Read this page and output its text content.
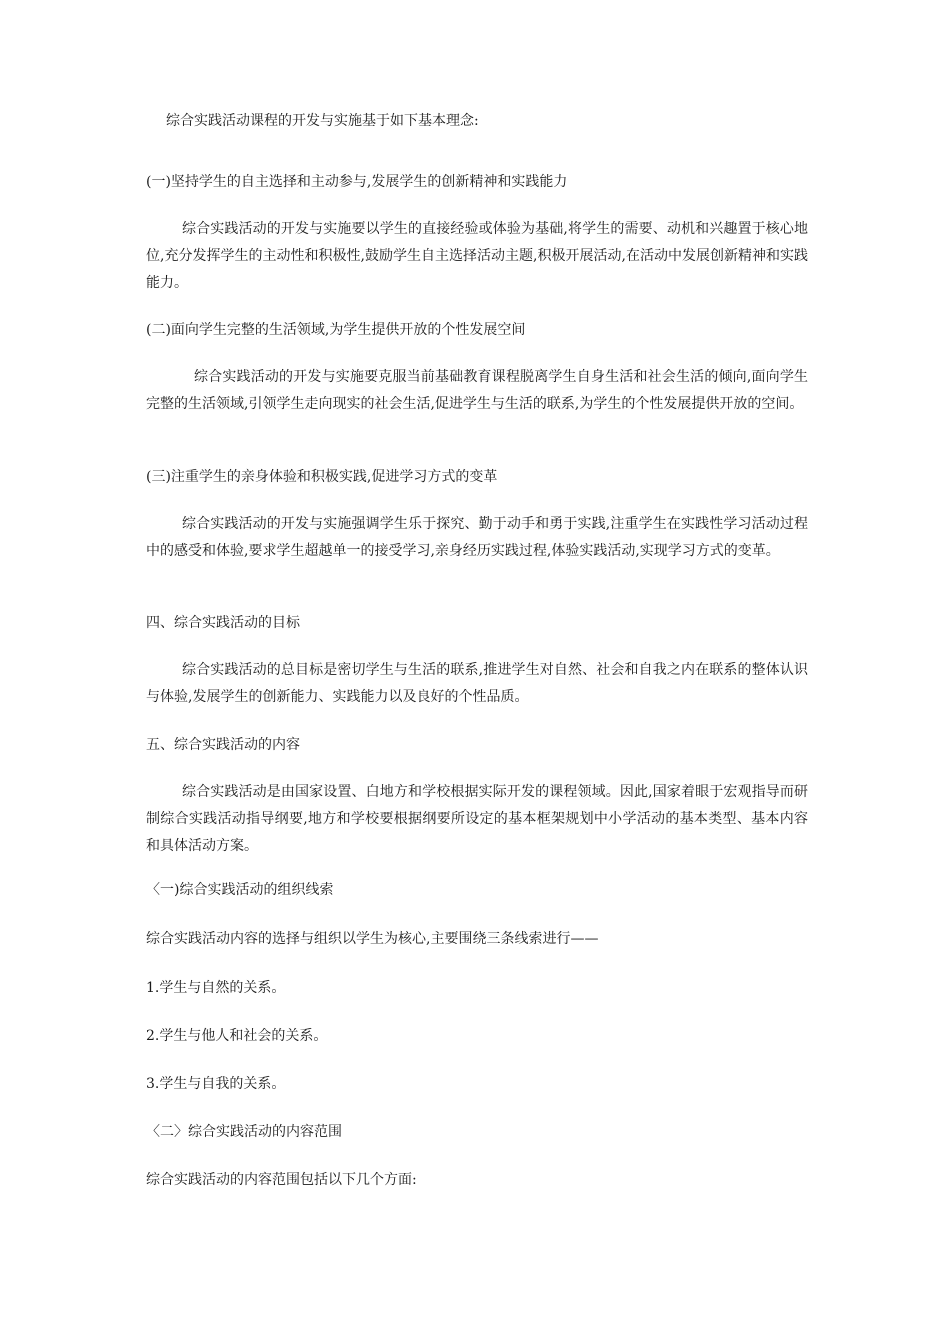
综合实践活动课程的开发与实施基于如下基本理念:

(一)坚持学生的自主选择和主动参与,发展学生的创新精神和实践能力

综合实践活动的开发与实施要以学生的直接经验或体验为基础,将学生的需要、动机和兴趣置于核心地位,充分发挥学生的主动性和积极性,鼓励学生自主选择活动主题,积极开展活动,在活动中发展创新精神和实践能力。

(二)面向学生完整的生活领域,为学生提供开放的个性发展空间

综合实践活动的开发与实施要克服当前基础教育课程脱离学生自身生活和社会生活的倾向,面向学生完整的生活领域,引领学生走向现实的社会生活,促进学生与生活的联系,为学生的个性发展提供开放的空间。

(三)注重学生的亲身体验和积极实践,促进学习方式的变革

综合实践活动的开发与实施强调学生乐于探究、勤于动手和勇于实践,注重学生在实践性学习活动过程中的感受和体验,要求学生超越单一的接受学习,亲身经历实践过程,体验实践活动,实现学习方式的变革。

四、综合实践活动的目标

综合实践活动的总目标是密切学生与生活的联系,推进学生对自然、社会和自我之内在联系的整体认识与体验,发展学生的创新能力、实践能力以及良好的个性品质。

五、综合实践活动的内容

综合实践活动是由国家设置、白地方和学校根据实际开发的课程领域。因此,国家着眼于宏观指导而研制综合实践活动指导纲要,地方和学校要根据纲要所设定的基本框架规划中小学活动的基本类型、基本内容和具体活动方案。

〈一)综合实践活动的组织线索

综合实践活动内容的选择与组织以学生为核心,主要围绕三条线索进行——

1.学生与自然的关系。

2.学生与他人和社会的关系。

3.学生与自我的关系。

〈二〉综合实践活动的内容范围

综合实践活动的内容范围包括以下几个方面:
